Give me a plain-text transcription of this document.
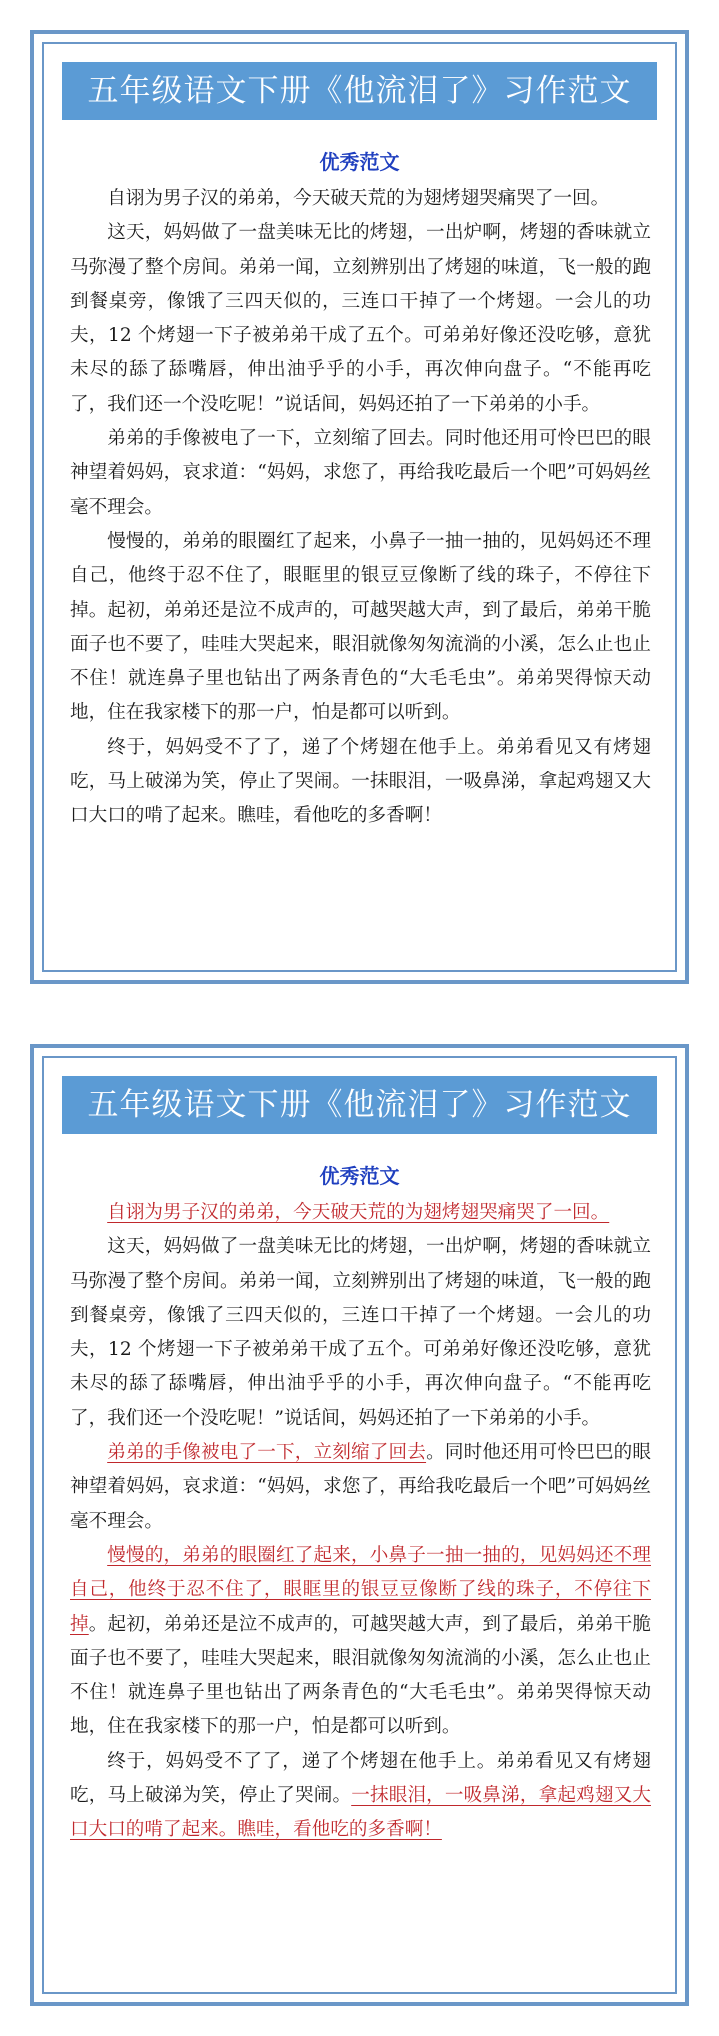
五年级语文下册《他流泪了》习作范文
优秀范文

自诩为男子汉的弟弟，今天破天荒的为翅烤翅哭痛哭了一回。

这天，妈妈做了一盘美味无比的烤翅，一出炉啊，烤翅的香味就立马弥漫了整个房间。弟弟一闻，立刻辨别出了烤翅的味道，飞一般的跑到餐桌旁，像饿了三四天似的，三连口干掉了一个烤翅。一会儿的功夫，12 个烤翅一下子被弟弟干成了五个。可弟弟好像还没吃够，意犹未尽的舔了舔嘴唇，伸出油乎乎的小手，再次伸向盘子。“不能再吃了，我们还一个没吃呢！”说话间，妈妈还拍了一下弟弟的小手。

弟弟的手像被电了一下，立刻缩了回去。同时他还用可怜巴巴的眼神望着妈妈，哀求道：“妈妈，求您了，再给我吃最后一个吧”可妈妈丝毫不理会。

慢慢的，弟弟的眼圈红了起来，小鼻子一抽一抽的，见妈妈还不理自己，他终于忍不住了，眼眶里的银豆豆像断了线的珠子，不停往下掉。起初，弟弟还是泣不成声的，可越哭越大声，到了最后，弟弟干脆面子也不要了，哇哇大哭起来，眼泪就像匆匆流淌的小溪，怎么止也止不住！就连鼻子里也钻出了两条青色的“大毛毛虫”。弟弟哭得惊天动地，住在我家楼下的那一户，怕是都可以听到。

终于，妈妈受不了了，递了个烤翅在他手上。弟弟看见又有烤翅吃，马上破涕为笑，停止了哭闹。一抹眼泪，一吸鼻涕，拿起鸡翅又大口大口的啃了起来。瞧哇，看他吃的多香啊！

五年级语文下册《他流泪了》习作范文
优秀范文

自诩为男子汉的弟弟，今天破天荒的为翅烤翅哭痛哭了一回。

这天，妈妈做了一盘美味无比的烤翅，一出炉啊，烤翅的香味就立马弥漫了整个房间。弟弟一闻，立刻辨别出了烤翅的味道，飞一般的跑到餐桌旁，像饿了三四天似的，三连口干掉了一个烤翅。一会儿的功夫，12 个烤翅一下子被弟弟干成了五个。可弟弟好像还没吃够，意犹未尽的舔了舔嘴唇，伸出油乎乎的小手，再次伸向盘子。“不能再吃了，我们还一个没吃呢！”说话间，妈妈还拍了一下弟弟的小手。

弟弟的手像被电了一下，立刻缩了回去。同时他还用可怜巴巴的眼神望着妈妈，哀求道：“妈妈，求您了，再给我吃最后一个吧”可妈妈丝毫不理会。

慢慢的，弟弟的眼圈红了起来，小鼻子一抽一抽的，见妈妈还不理自己，他终于忍不住了，眼眶里的银豆豆像断了线的珠子，不停往下掉。起初，弟弟还是泣不成声的，可越哭越大声，到了最后，弟弟干脆面子也不要了，哇哇大哭起来，眼泪就像匆匆流淌的小溪，怎么止也止不住！就连鼻子里也钻出了两条青色的“大毛毛虫”。弟弟哭得惊天动地，住在我家楼下的那一户，怕是都可以听到。

终于，妈妈受不了了，递了个烤翅在他手上。弟弟看见又有烤翅吃，马上破涕为笑，停止了哭闹。一抹眼泪，一吸鼻涕，拿起鸡翅又大口大口的啃了起来。瞧哇，看他吃的多香啊！
